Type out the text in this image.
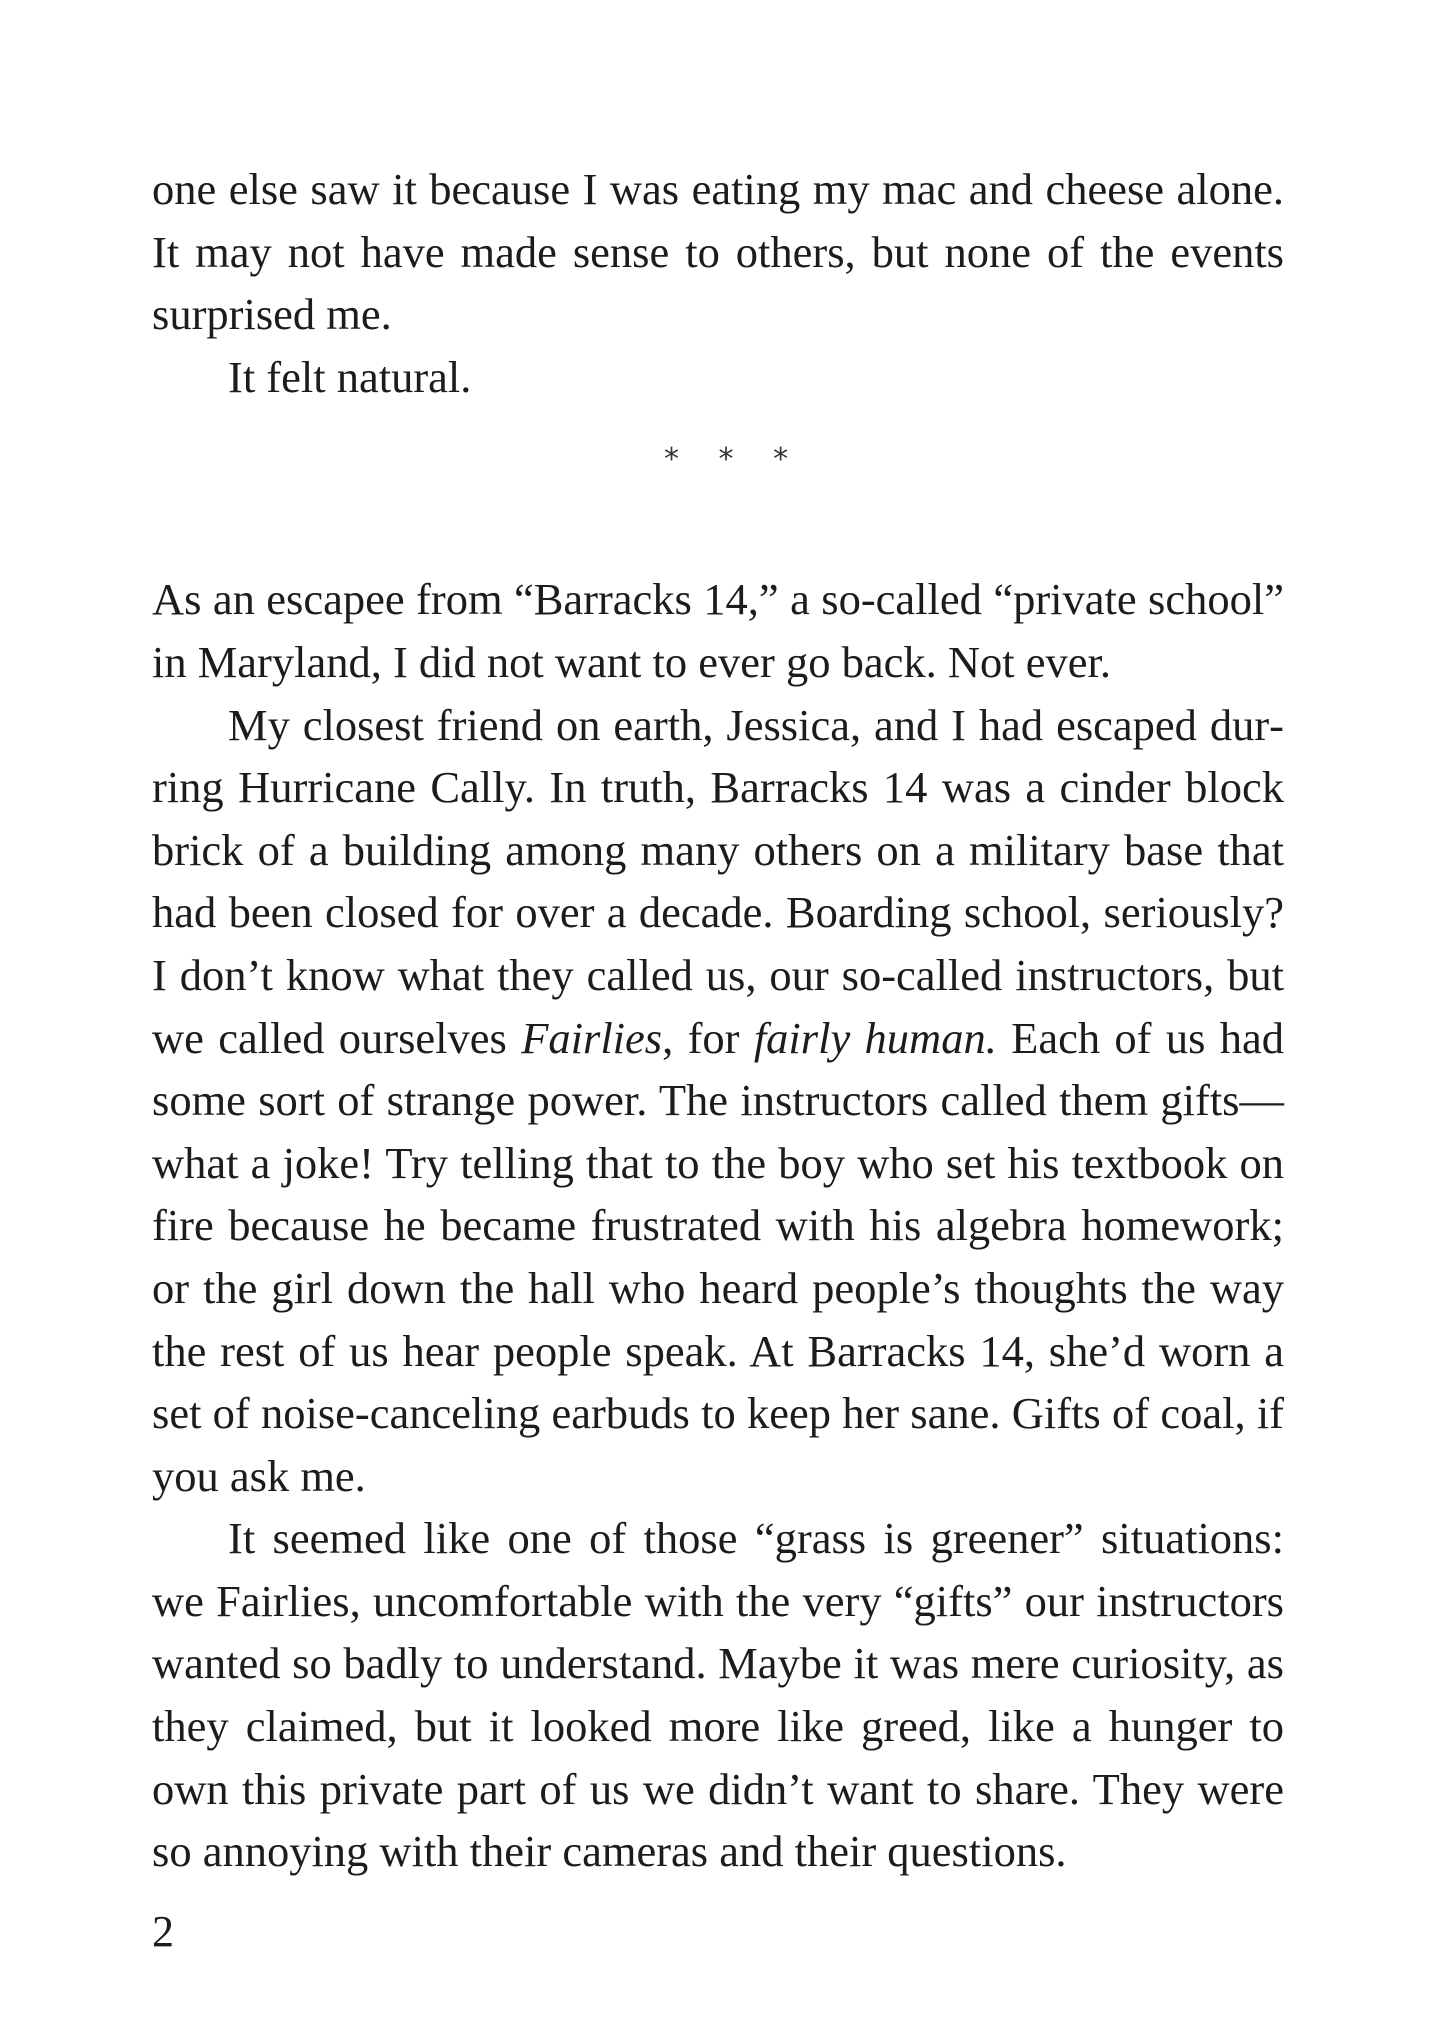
one else saw it because I was eating my mac and cheese alone. It may not have made sense to others, but none of the events surprised me.

It felt natural.

* * *

As an escapee from “Barracks 14,” a so-called “private school” in Maryland, I did not want to ever go back. Not ever.

My closest friend on earth, Jessica, and I had escaped durring Hurricane Cally. In truth, Barracks 14 was a cinder block brick of a building among many others on a military base that had been closed for over a decade. Boarding school, seriously? I don’t know what they called us, our so-called instructors, but we called ourselves Fairlies, for fairly human. Each of us had some sort of strange power. The instructors called them gifts—what a joke! Try telling that to the boy who set his textbook on fire because he became frustrated with his algebra homework; or the girl down the hall who heard people’s thoughts the way the rest of us hear people speak. At Barracks 14, she’d worn a set of noise-canceling earbuds to keep her sane. Gifts of coal, if you ask me.

It seemed like one of those “grass is greener” situations: we Fairlies, uncomfortable with the very “gifts” our instructors wanted so badly to understand. Maybe it was mere curiosity, as they claimed, but it looked more like greed, like a hunger to own this private part of us we didn’t want to share. They were so annoying with their cameras and their questions.

2
